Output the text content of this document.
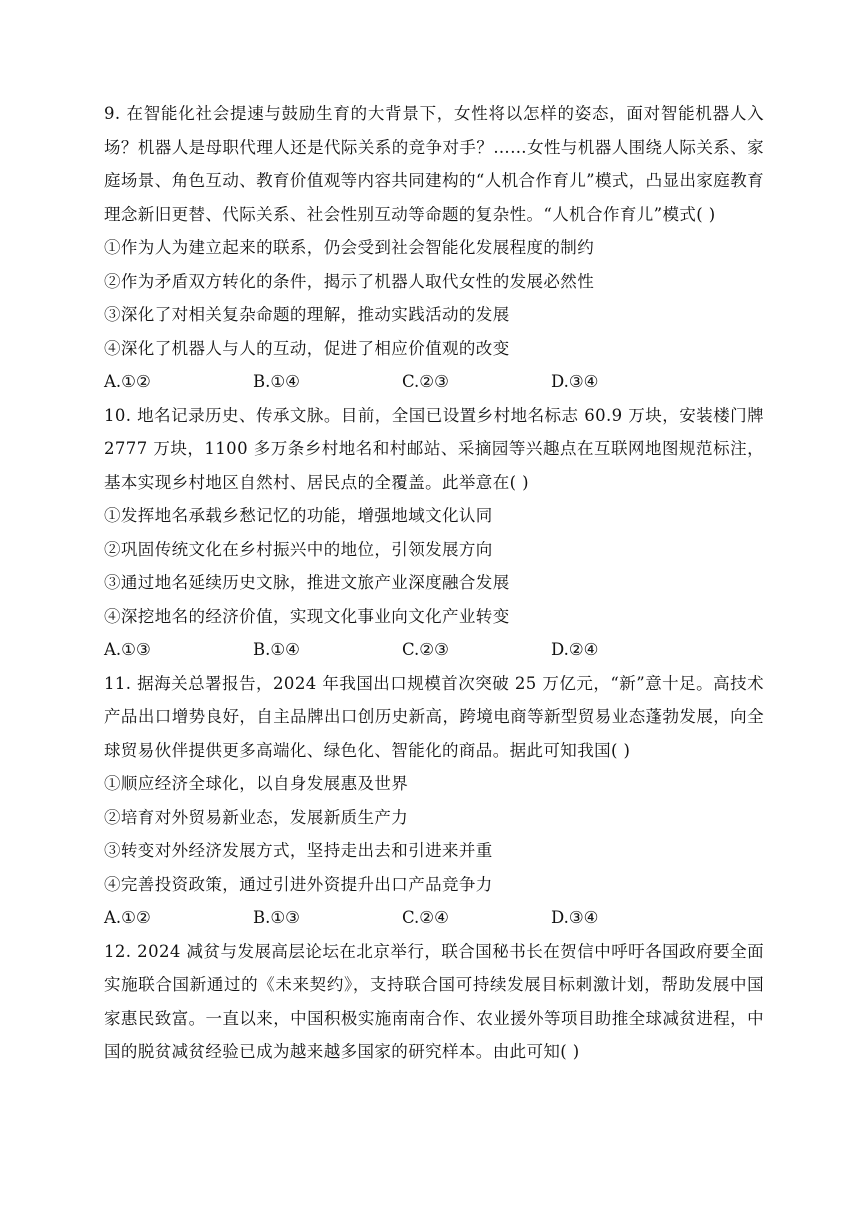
9. 在智能化社会提速与鼓励生育的大背景下，女性将以怎样的姿态，面对智能机器人入场？机器人是母职代理人还是代际关系的竞争对手？……女性与机器人围绕人际关系、家庭场景、角色互动、教育价值观等内容共同建构的“人机合作育儿”模式，凸显出家庭教育理念新旧更替、代际关系、社会性别互动等命题的复杂性。“人机合作育儿”模式( )

①作为人为建立起来的联系，仍会受到社会智能化发展程度的制约

②作为矛盾双方转化的条件，揭示了机器人取代女性的发展必然性

③深化了对相关复杂命题的理解，推动实践活动的发展

④深化了机器人与人的互动，促进了相应价值观的改变

A.①②	B.①④	C.②③	D.③④

10. 地名记录历史、传承文脉。目前，全国已设置乡村地名标志 60.9 万块，安装楼门牌 2777 万块，1100 多万条乡村地名和村邮站、采摘园等兴趣点在互联网地图规范标注，基本实现乡村地区自然村、居民点的全覆盖。此举意在( )

①发挥地名承载乡愁记忆的功能，增强地域文化认同

②巩固传统文化在乡村振兴中的地位，引领发展方向

③通过地名延续历史文脉，推进文旅产业深度融合发展

④深挖地名的经济价值，实现文化事业向文化产业转变

A.①③	B.①④	C.②③	D.②④

11. 据海关总署报告，2024 年我国出口规模首次突破 25 万亿元，“新”意十足。高技术产品出口增势良好，自主品牌出口创历史新高，跨境电商等新型贸易业态蓬勃发展，向全球贸易伙伴提供更多高端化、绿色化、智能化的商品。据此可知我国( )

①顺应经济全球化，以自身发展惠及世界

②培育对外贸易新业态，发展新质生产力

③转变对外经济发展方式，坚持走出去和引进来并重

④完善投资政策，通过引进外资提升出口产品竞争力

A.①②	B.①③	C.②④	D.③④

12. 2024 减贫与发展高层论坛在北京举行，联合国秘书长在贺信中呼吁各国政府要全面实施联合国新通过的《未来契约》，支持联合国可持续发展目标刺激计划，帮助发展中国家惠民致富。一直以来，中国积极实施南南合作、农业援外等项目助推全球减贫进程，中国的脱贫减贫经验已成为越来越多国家的研究样本。由此可知( )
